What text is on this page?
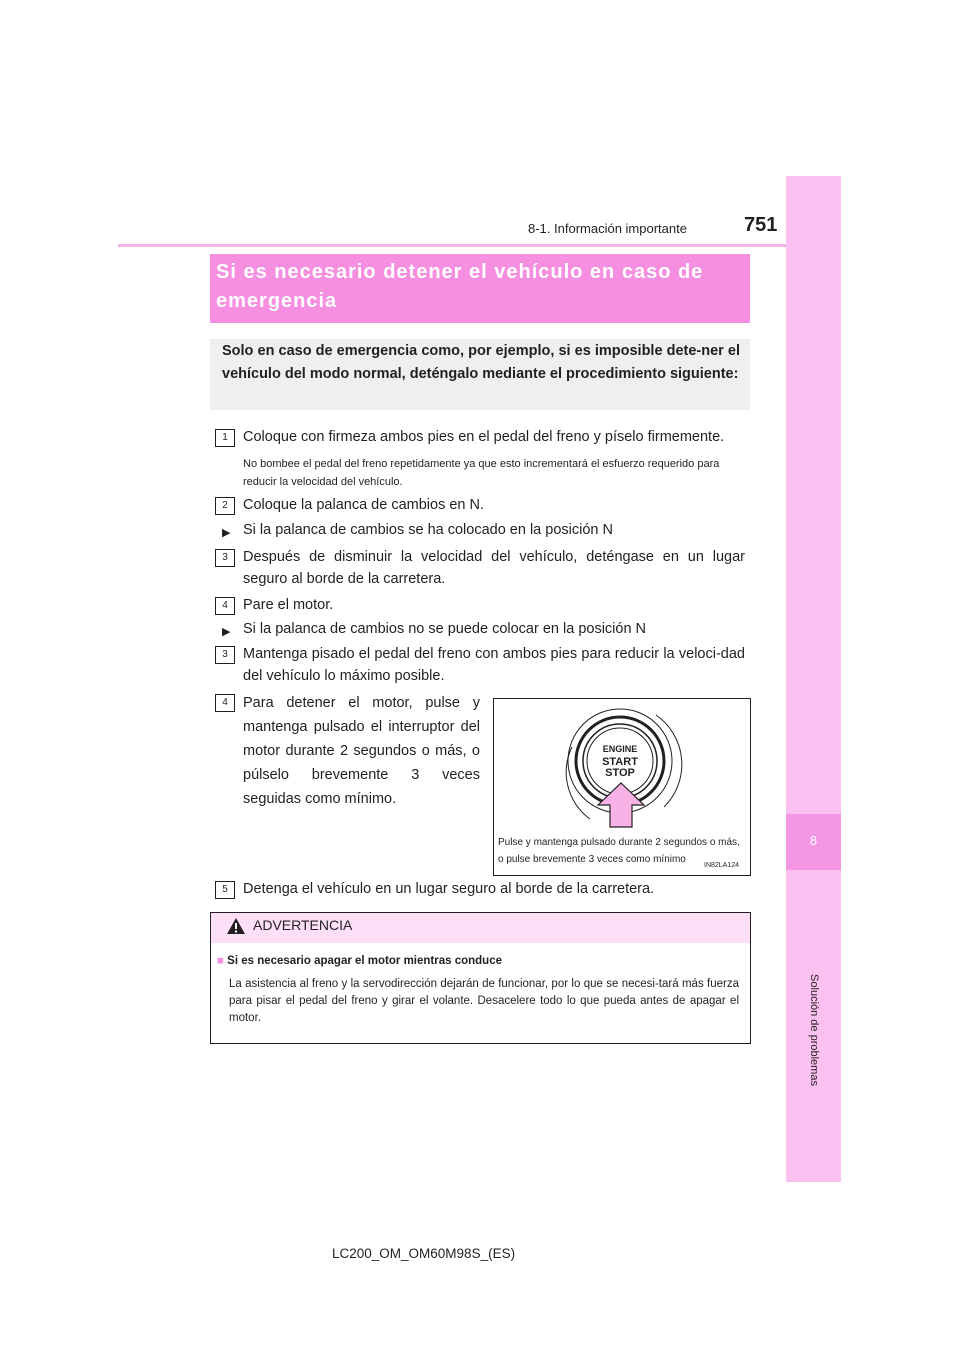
8-1. Información importante	751
8
Solución de problemas
Si es necesario detener el vehículo en caso de emergencia
Solo en caso de emergencia como, por ejemplo, si es imposible dete-ner el vehículo del modo normal, deténgalo mediante el procedimiento siguiente:
1	Coloque con firmeza ambos pies en el pedal del freno y píselo firmemente.
No bombee el pedal del freno repetidamente ya que esto incrementará el esfuerzo requerido para reducir la velocidad del vehículo.
2	Coloque la palanca de cambios en N.
▶ Si la palanca de cambios se ha colocado en la posición N
3	Después de disminuir la velocidad del vehículo, deténgase en un lugar seguro al borde de la carretera.
4	Pare el motor.
▶ Si la palanca de cambios no se puede colocar en la posición N
3	Mantenga pisado el pedal del freno con ambos pies para reducir la veloci-dad del vehículo lo máximo posible.
4	Para detener el motor, pulse y mantenga pulsado el interruptor del motor durante 2 segundos o más, o púlselo brevemente 3 veces seguidas como mínimo.
ENGINE
START
STOP
Pulse y mantenga pulsado durante 2 segundos o más,
o pulse brevemente 3 veces como mínimo
IN82LA124
5	Detenga el vehículo en un lugar seguro al borde de la carretera.
ADVERTENCIA
■ Si es necesario apagar el motor mientras conduce
La asistencia al freno y la servodirección dejarán de funcionar, por lo que se necesi-tará más fuerza para pisar el pedal del freno y girar el volante. Desacelere todo lo que pueda antes de apagar el motor.
LC200_OM_OM60M98S_(ES)
